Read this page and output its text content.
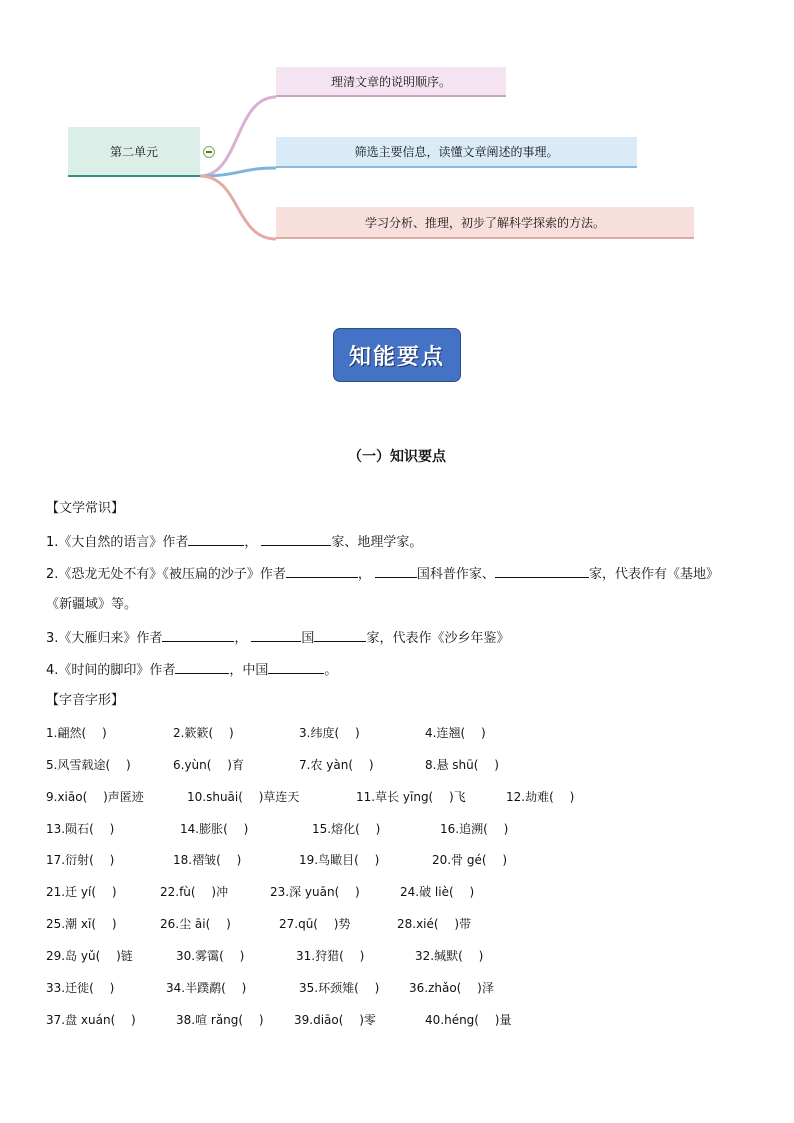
第二单元
理清文章的说明顺序。
筛选主要信息，读懂文章阐述的事理。
学习分析、推理，初步了解科学探索的方法。
知能要点
（一）知识要点
【文学常识】
1.《大自然的语言》作者	，	家、地理学家。
2.《恐龙无处不有》《被压扁的沙子》作者	，	国科普作家、	家，代表作有《基地》
《新疆域》等。
3.《大雁归来》作者	，	国	家，代表作《沙乡年鉴》
4.《时间的脚印》作者	，中国	。
【字音字形】
1.翩然(　 )	2.簌簌(　 )	3.纬度(　 )	4.连翘(　 )
5.风雪载途(　 )	6.yùn(　 )育	7.农 yàn(　 )	8.悬 shū(　 )
9.xiāo(　 )声匿迹	10.shuāi(　 )草连天	11.草长 yīng(　 )飞	12.劫难(　 )
13.陨石(　 )	14.膨胀(　 )	15.熔化(　 )	16.追溯(　 )
17.衍射(　 )	18.褶皱(　 )	19.鸟瞰目(　 )	20.骨 gé(　 )
21.迁 yí(　 )	22.fù(　 )冲	23.深 yuān(　 )	24.破 liè(　 )
25.潮 xī(　 )	26.尘 āi(　 )	27.qū(　 )势	28.xié(　 )带
29.岛 yǔ(　 )链	30.雾霭(　 )	31.狩猎(　 )	32.缄默(　 )
33.迁徙(　 )	34.半蹼鹬(　 )	35.环颈雉(　 ) 36.zhǎo(　 )泽
37.盘 xuán(　 )	38.喧 rǎng(　 )	39.diāo(　 )零	40.héng(　 )量
